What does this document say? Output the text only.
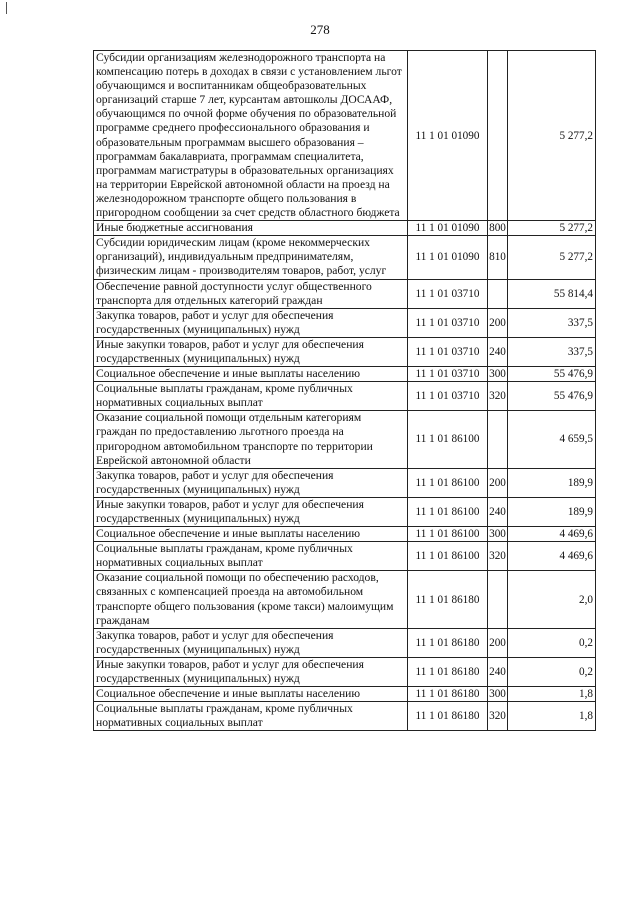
278
Субсидии организациям железнодорожного транспорта на компенсацию потерь в доходах в связи с установлением льгот обучающимся и воспитанникам общеобразовательных организаций старше 7 лет, курсантам автошколы ДОСААФ, обучающимся по очной форме обучения по образовательной программе среднего профессионального образования и образовательным программам высшего образования – программам бакалавриата, программам специалитета, программам магистратуры в образовательных организациях на территории Еврейской автономной области на проезд на железнодорожном транспорте общего пользования в пригородном сообщении за счет средств областного бюджета	11 1 01 01090		5 277,2
Иные бюджетные ассигнования	11 1 01 01090	800	5 277,2
Субсидии юридическим лицам (кроме некоммерческих организаций), индивидуальным предпринимателям, физическим лицам - производителям товаров, работ, услуг	11 1 01 01090	810	5 277,2
Обеспечение равной доступности услуг общественного транспорта для отдельных категорий граждан	11 1 01 03710		55 814,4
Закупка товаров, работ и услуг для обеспечения государственных (муниципальных) нужд	11 1 01 03710	200	337,5
Иные закупки товаров, работ и услуг для обеспечения государственных (муниципальных) нужд	11 1 01 03710	240	337,5
Социальное обеспечение и иные выплаты населению	11 1 01 03710	300	55 476,9
Социальные выплаты гражданам, кроме публичных нормативных социальных выплат	11 1 01 03710	320	55 476,9
Оказание социальной помощи отдельным категориям граждан по предоставлению льготного проезда на пригородном автомобильном транспорте по территории Еврейской автономной области	11 1 01 86100		4 659,5
Закупка товаров, работ и услуг для обеспечения государственных (муниципальных) нужд	11 1 01 86100	200	189,9
Иные закупки товаров, работ и услуг для обеспечения государственных (муниципальных) нужд	11 1 01 86100	240	189,9
Социальное обеспечение и иные выплаты населению	11 1 01 86100	300	4 469,6
Социальные выплаты гражданам, кроме публичных нормативных социальных выплат	11 1 01 86100	320	4 469,6
Оказание социальной помощи по обеспечению расходов, связанных с компенсацией проезда на автомобильном транспорте общего пользования (кроме такси) малоимущим гражданам	11 1 01 86180		2,0
Закупка товаров, работ и услуг для обеспечения государственных (муниципальных) нужд	11 1 01 86180	200	0,2
Иные закупки товаров, работ и услуг для обеспечения государственных (муниципальных) нужд	11 1 01 86180	240	0,2
Социальное обеспечение и иные выплаты населению	11 1 01 86180	300	1,8
Социальные выплаты гражданам, кроме публичных нормативных социальных выплат	11 1 01 86180	320	1,8
